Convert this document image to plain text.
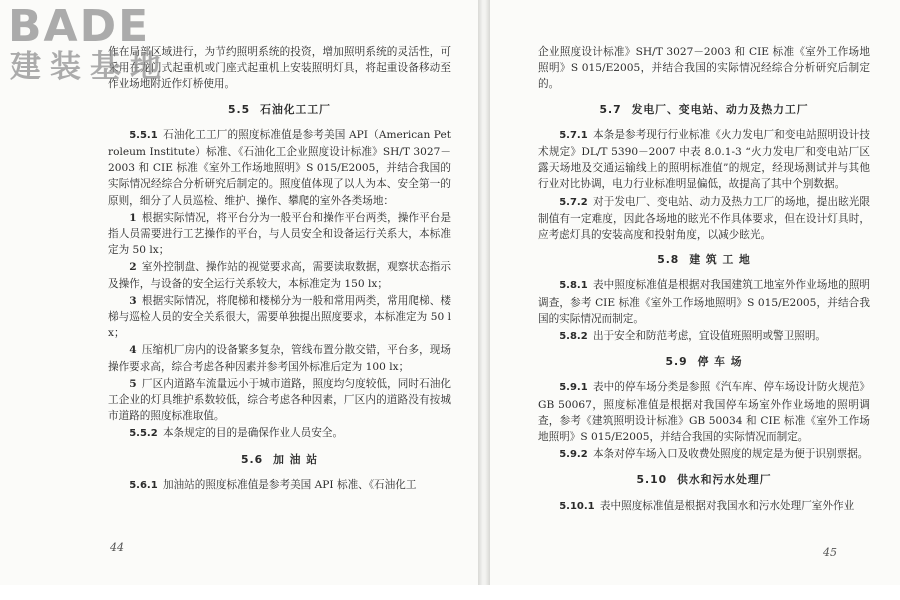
作在局部区域进行，为节约照明系统的投资，增加照明系统的灵活性，可采用在龙门式起重机或门座式起重机上安装照明灯具，将起重设备移动至作业场地附近作灯桥使用。
5.5 石油化工工厂
5.5.1  石油化工工厂的照度标准值是参考美国 API（American Petroleum Institute）标准、《石油化工企业照度设计标准》SH/T 3027－2003 和 CIE 标准《室外工作场地照明》S 015/E2005，并结合我国的实际情况经综合分析研究后制定的。照度值体现了以人为本、安全第一的原则，细分了人员巡检、维护、操作、攀爬的室外各类场地：
1  根据实际情况，将平台分为一般平台和操作平台两类，操作平台是指人员需要进行工艺操作的平台，与人员安全和设备运行关系大，本标准定为 50 lx；
2  室外控制盘、操作站的视觉要求高，需要读取数据，观察状态指示及操作，与设备的安全运行关系较大，本标准定为 150 lx；
3  根据实际情况，将爬梯和楼梯分为一般和常用两类，常用爬梯、楼梯与巡检人员的安全关系很大，需要单独提出照度要求，本标准定为 50 lx；
4  压缩机厂房内的设备繁多复杂，管线布置分散交错，平台多，现场操作要求高，综合考虑各种因素并参考国外标准后定为 100 lx；
5  厂区内道路车流量远小于城市道路，照度均匀度较低，同时石油化工企业的灯具维护系数较低，综合考虑各种因素，厂区内的道路没有按城市道路的照度标准取值。
5.5.2  本条规定的目的是确保作业人员安全。
5.6 加 油 站
5.6.1  加油站的照度标准值是参考美国 API 标准、《石油化工
企业照度设计标准》SH/T 3027－2003 和 CIE 标准《室外工作场地照明》S 015/E2005，并结合我国的实际情况经综合分析研究后制定的。
5.7 发电厂、变电站、动力及热力工厂
5.7.1  本条是参考现行行业标准《火力发电厂和变电站照明设计技术规定》DL/T 5390－2007 中表 8.0.1-3 “火力发电厂和变电站厂区露天场地及交通运输线上的照明标准值”的规定，经现场测试并与其他行业对比协调，电力行业标准明显偏低，故提高了其中个别数据。
5.7.2  对于发电厂、变电站、动力及热力工厂的场地，提出眩光限制值有一定难度，因此各场地的眩光不作具体要求，但在设计灯具时，应考虑灯具的安装高度和投射角度，以减少眩光。
5.8 建 筑 工 地
5.8.1  表中照度标准值是根据对我国建筑工地室外作业场地的照明调查，参考 CIE 标准《室外工作场地照明》S 015/E2005，并结合我国的实际情况而制定。
5.8.2  出于安全和防范考虑，宜设值班照明或警卫照明。
5.9 停 车 场
5.9.1  表中的停车场分类是参照《汽车库、停车场设计防火规范》GB 50067，照度标准值是根据对我国停车场室外作业场地的照明调查，参考《建筑照明设计标准》GB 50034 和 CIE 标准《室外工作场地照明》S 015/E2005，并结合我国的实际情况而制定。
5.9.2  本条对停车场入口及收费处照度的规定是为便于识别票据。
5.10 供水和污水处理厂
5.10.1  表中照度标准值是根据对我国水和污水处理厂室外作业
44	45
BADE
建装基地
